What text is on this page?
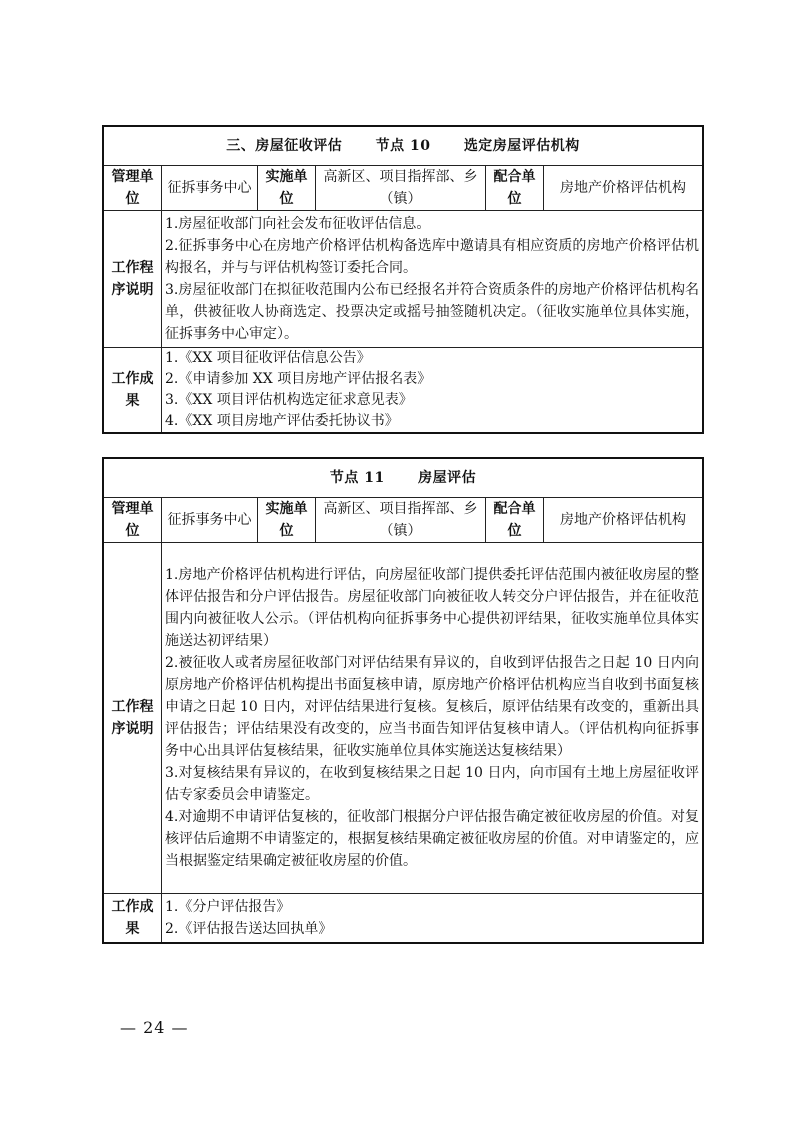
三、房屋征收评估 节点 10 选定房屋评估机构					
管理单位	征拆事务中心	实施单位	高新区、项目指挥部、乡（镇）	配合单位	房地产价格评估机构
工作程序说明	1.房屋征收部门向社会发布征收评估信息。

2.征拆事务中心在房地产价格评估机构备选库中邀请具有相应资质的房地产价格评估机构报名，并与与评估机构签订委托合同。

3.房屋征收部门在拟征收范围内公布已经报名并符合资质条件的房地产价格评估机构名单，供被征收人协商选定、投票决定或摇号抽签随机决定。（征收实施单位具体实施，征拆事务中心审定）。				

工作成果	1.《XX 项目征收评估信息公告》

2.《申请参加 XX 项目房地产评估报名表》

3.《XX 项目评估机构选定征求意见表》

4.《XX 项目房地产评估委托协议书》				

节点 11 房屋评估					
管理单位	征拆事务中心	实施单位	高新区、项目指挥部、乡（镇）	配合单位	房地产价格评估机构
工作程序说明	1.房地产价格评估机构进行评估，向房屋征收部门提供委托评估范围内被征收房屋的整体评估报告和分户评估报告。房屋征收部门向被征收人转交分户评估报告，并在征收范围内向被征收人公示。（评估机构向征拆事务中心提供初评结果，征收实施单位具体实施送达初评结果）

2.被征收人或者房屋征收部门对评估结果有异议的，自收到评估报告之日起 10 日内向原房地产价格评估机构提出书面复核申请，原房地产价格评估机构应当自收到书面复核申请之日起 10 日内，对评估结果进行复核。复核后，原评估结果有改变的，重新出具评估报告；评估结果没有改变的，应当书面告知评估复核申请人。（评估机构向征拆事务中心出具评估复核结果，征收实施单位具体实施送达复核结果）

3.对复核结果有异议的，在收到复核结果之日起 10 日内，向市国有土地上房屋征收评估专家委员会申请鉴定。

4.对逾期不申请评估复核的，征收部门根据分户评估报告确定被征收房屋的价值。对复核评估后逾期不申请鉴定的，根据复核结果确定被征收房屋的价值。对申请鉴定的，应当根据鉴定结果确定被征收房屋的价值。				

工作成果	1.《分户评估报告》

2.《评估报告送达回执单》				

— 24 —
